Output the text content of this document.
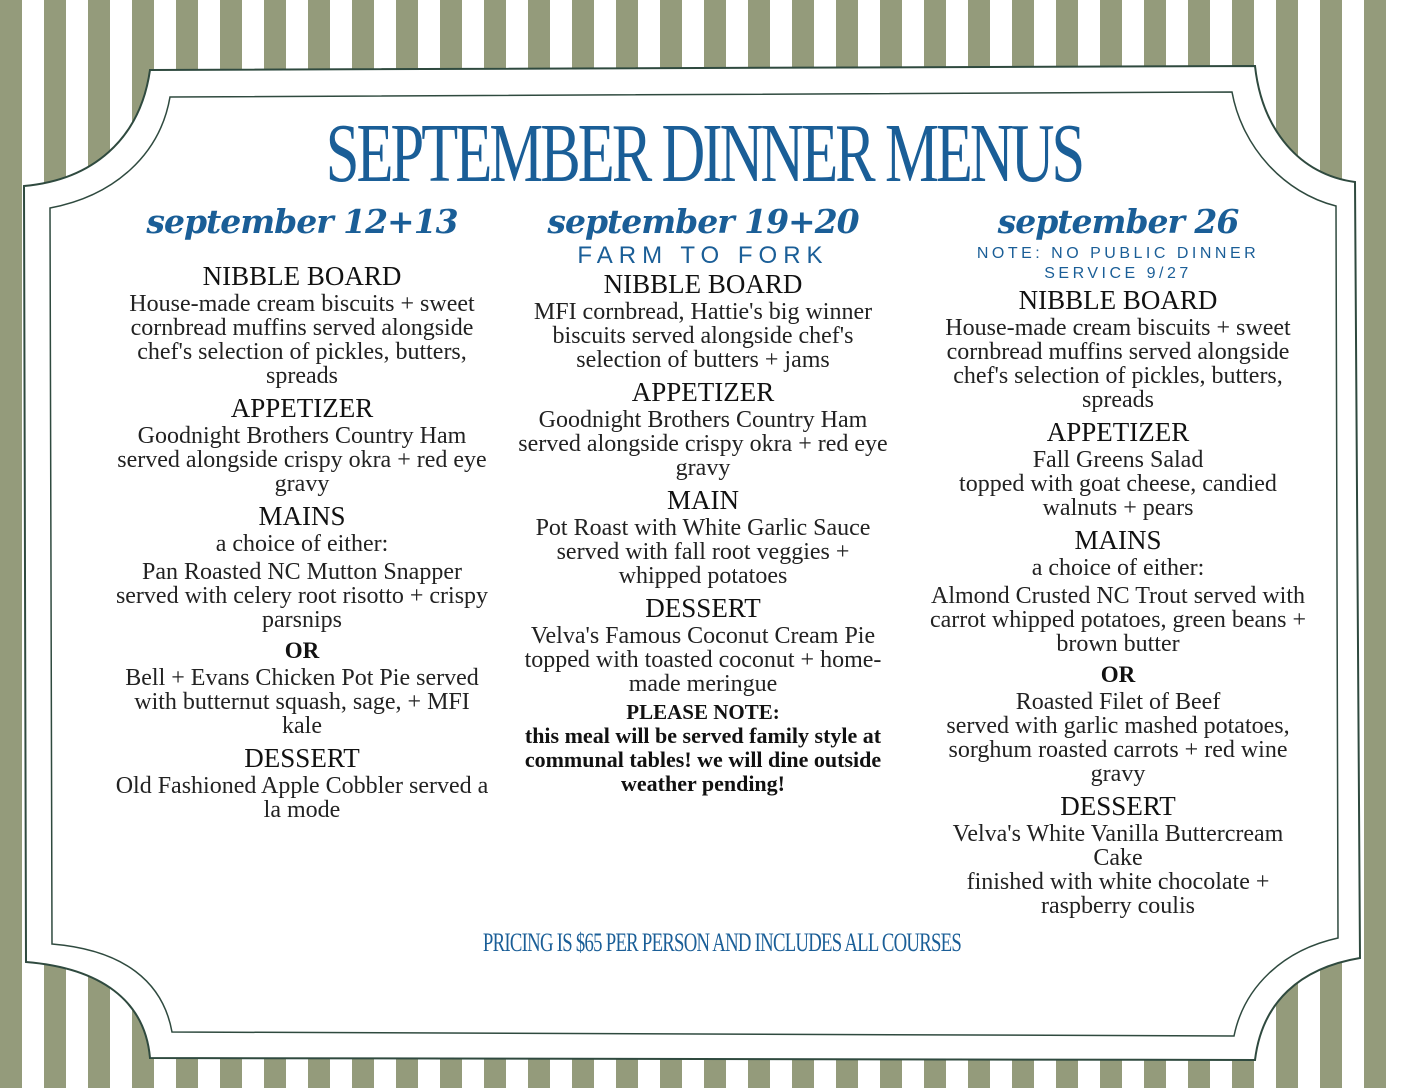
SEPTEMBER DINNER MENUS
september 12+13
NIBBLE BOARD
House-made cream biscuits + sweet cornbread muffins served alongside chef's selection of pickles, butters, spreads
APPETIZER
Goodnight Brothers Country Ham served alongside crispy okra + red eye gravy
MAINS
a choice of either:
Pan Roasted NC Mutton Snapper
served with celery root risotto + crispy parsnips
OR
Bell + Evans Chicken Pot Pie served with butternut squash, sage, + MFI kale
DESSERT
Old Fashioned Apple Cobbler served a la mode
september 19+20
FARM TO FORK
NIBBLE BOARD
MFI cornbread, Hattie's big winner biscuits served alongside chef's selection of butters + jams
APPETIZER
Goodnight Brothers Country Ham served alongside crispy okra + red eye gravy
MAIN
Pot Roast with White Garlic Sauce
served with fall root veggies + whipped potatoes
DESSERT
Velva's Famous Coconut Cream Pie
topped with toasted coconut + home-made meringue
PLEASE NOTE:
this meal will be served family style at communal tables! we will dine outside weather pending!
september 26
NOTE: NO PUBLIC DINNER SERVICE 9/27
NIBBLE BOARD
House-made cream biscuits + sweet cornbread muffins served alongside chef's selection of pickles, butters, spreads
APPETIZER
Fall Greens Salad
topped with goat cheese, candied walnuts + pears
MAINS
a choice of either:
Almond Crusted NC Trout served with carrot whipped potatoes, green beans + brown butter
OR
Roasted Filet of Beef
served with garlic mashed potatoes, sorghum roasted carrots + red wine gravy
DESSERT
Velva's White Vanilla Buttercream Cake
finished with white chocolate + raspberry coulis
PRICING IS $65 PER PERSON AND INCLUDES ALL COURSES
